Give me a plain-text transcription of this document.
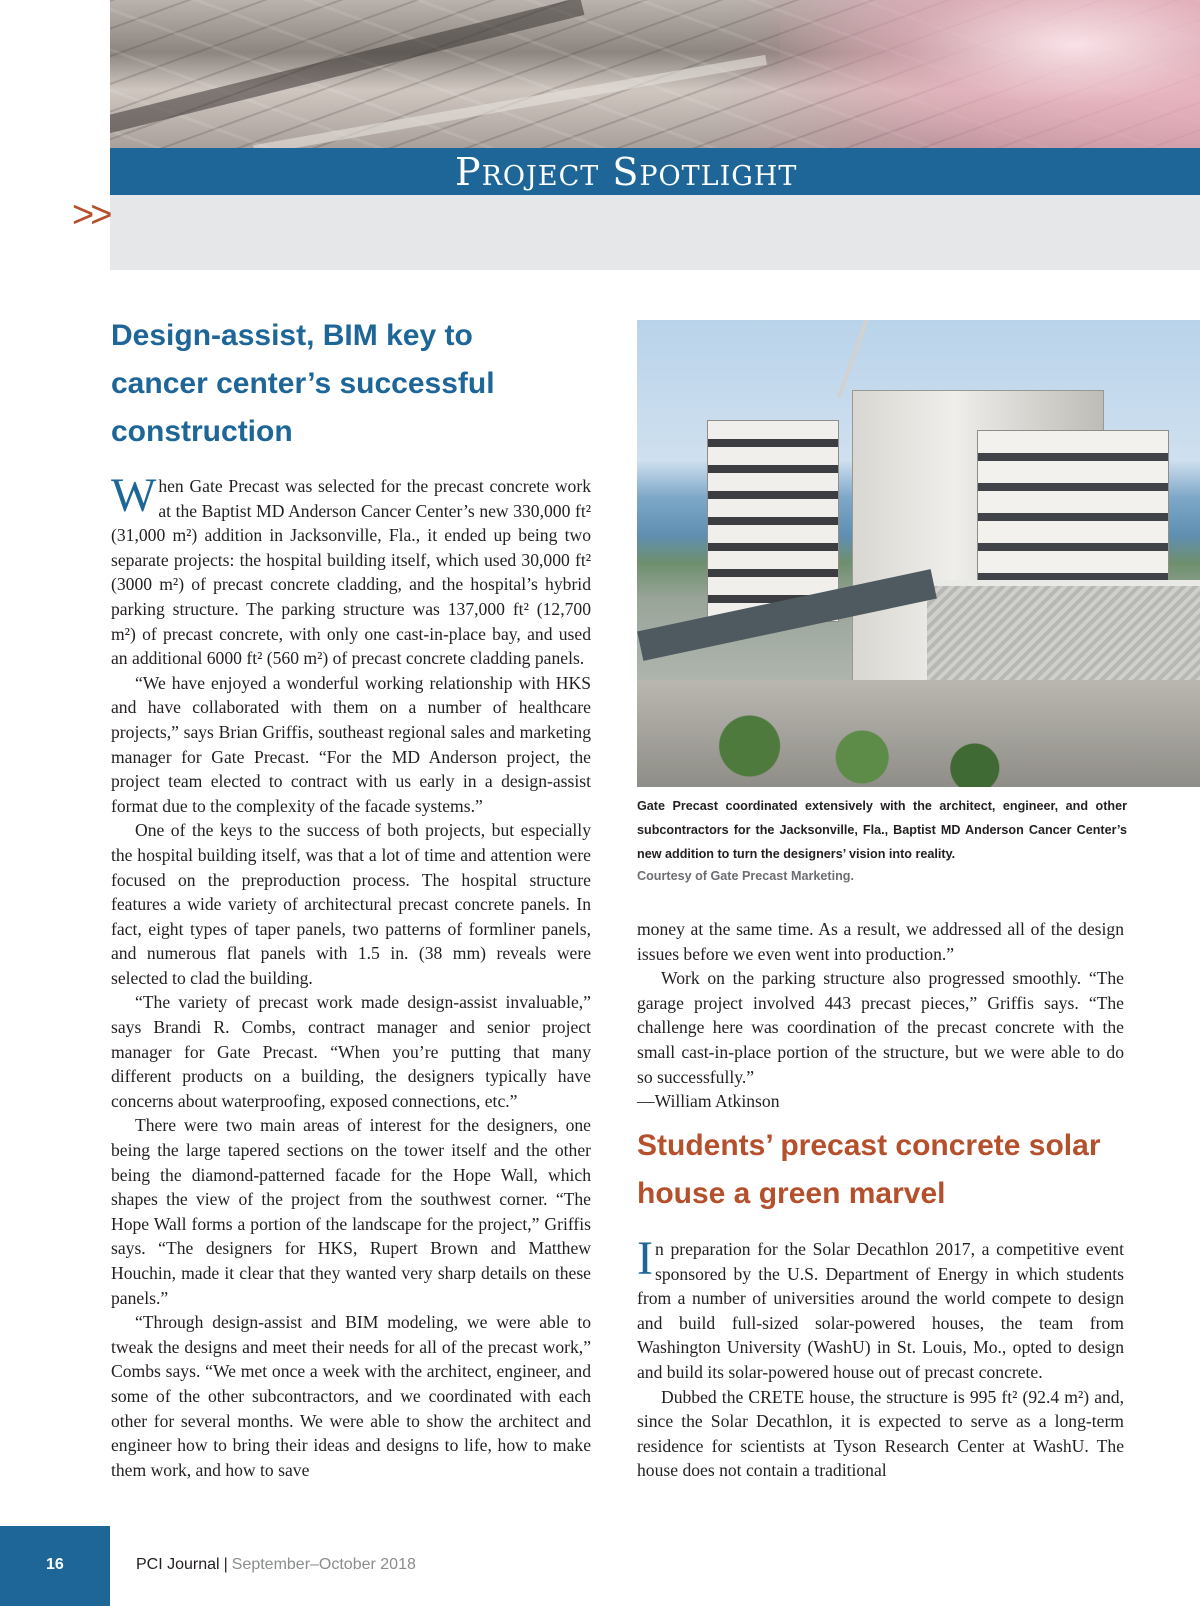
Project Spotlight
>>
Design-assist, BIM key to cancer center’s successful construction

When Gate Precast was selected for the precast concrete work at the Baptist MD Anderson Cancer Center’s new 330,000 ft² (31,000 m²) addition in Jacksonville, Fla., it ended up being two separate projects: the hospital building itself, which used 30,000 ft² (3000 m²) of precast concrete cladding, and the hospital’s hybrid parking structure. The parking structure was 137,000 ft² (12,700 m²) of precast concrete, with only one cast-in-place bay, and used an additional 6000 ft² (560 m²) of precast concrete cladding panels.

“We have enjoyed a wonderful working relationship with HKS and have collaborated with them on a number of healthcare projects,” says Brian Griffis, southeast regional sales and marketing manager for Gate Precast. “For the MD Anderson project, the project team elected to contract with us early in a design-assist format due to the complexity of the facade systems.”

One of the keys to the success of both projects, but especially the hospital building itself, was that a lot of time and attention were focused on the preproduction process. The hospital structure features a wide variety of architectural precast concrete panels. In fact, eight types of taper panels, two patterns of formliner panels, and numerous flat panels with 1.5 in. (38 mm) reveals were selected to clad the building.

“The variety of precast work made design-assist invaluable,” says Brandi R. Combs, contract manager and senior project manager for Gate Precast. “When you’re putting that many different products on a building, the designers typically have concerns about waterproofing, exposed connections, etc.”

There were two main areas of interest for the designers, one being the large tapered sections on the tower itself and the other being the diamond-patterned facade for the Hope Wall, which shapes the view of the project from the southwest corner. “The Hope Wall forms a portion of the landscape for the project,” Griffis says. “The designers for HKS, Rupert Brown and Matthew Houchin, made it clear that they wanted very sharp details on these panels.”

“Through design-assist and BIM modeling, we were able to tweak the designs and meet their needs for all of the precast work,” Combs says. “We met once a week with the architect, engineer, and some of the other subcontractors, and we coordinated with each other for several months. We were able to show the architect and engineer how to bring their ideas and designs to life, how to make them work, and how to save

Gate Precast coordinated extensively with the architect, engineer, and other subcontractors for the Jacksonville, Fla., Baptist MD Anderson Cancer Center’s new addition to turn the designers’ vision into reality.
Courtesy of Gate Precast Marketing.

money at the same time. As a result, we addressed all of the design issues before we even went into production.”

Work on the parking structure also progressed smoothly. “The garage project involved 443 precast pieces,” Griffis says. “The challenge here was coordination of the precast concrete with the small cast-in-place portion of the structure, but we were able to do so successfully.”

—William Atkinson

Students’ precast concrete solar house a green marvel

In preparation for the Solar Decathlon 2017, a competitive event sponsored by the U.S. Department of Energy in which students from a number of universities around the world compete to design and build full-sized solar-powered houses, the team from Washington University (WashU) in St. Louis, Mo., opted to design and build its solar-powered house out of precast concrete.

Dubbed the CRETE house, the structure is 995 ft² (92.4 m²) and, since the Solar Decathlon, it is expected to serve as a long-term residence for scientists at Tyson Research Center at WashU. The house does not contain a traditional

16	PCI Journal | September–October 2018
